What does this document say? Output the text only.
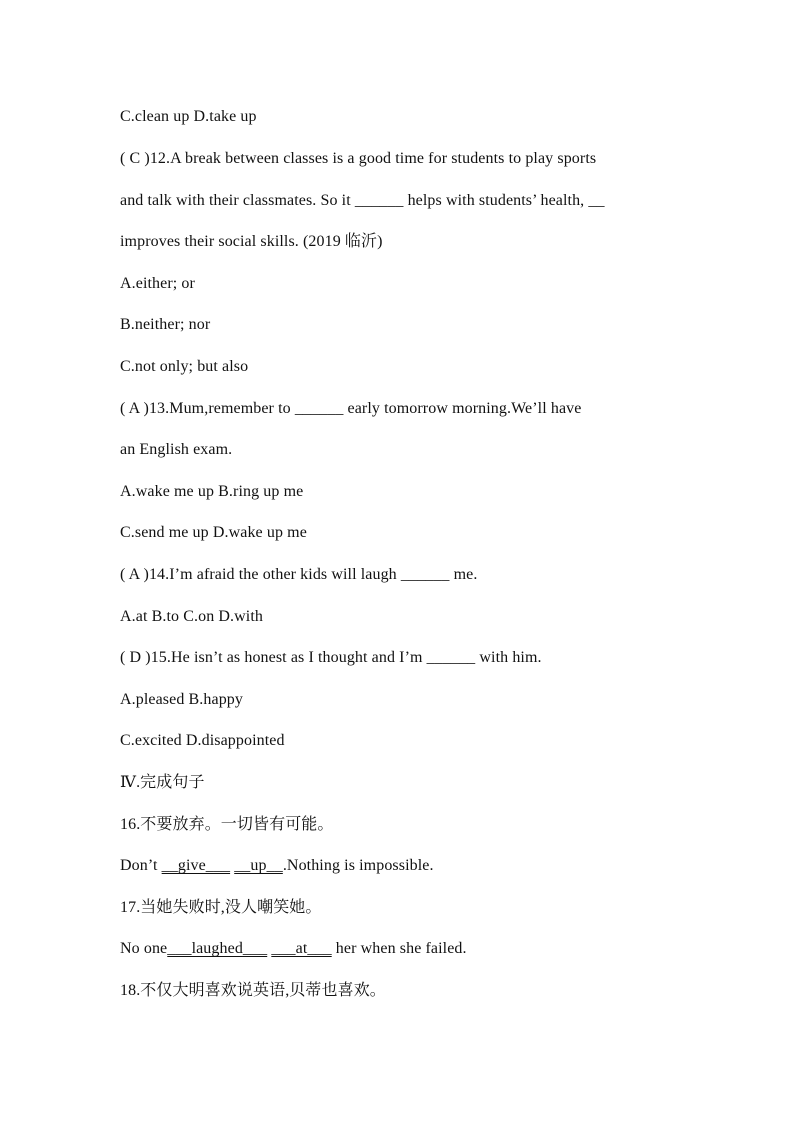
C.clean up D.take up
( C )12.A break between classes is a good time for students to play sports
and talk with their classmates. So it ______ helps with students’ health, __
improves their social skills. (2019 临沂)
A.either; or
B.neither; nor
C.not only; but also
( A )13.Mum,remember to ______ early tomorrow morning.We’ll have
an English exam.
A.wake me up B.ring up me
C.send me up D.wake up me
( A )14.I’m afraid the other kids will laugh ______ me.
A.at B.to C.on D.with
( D )15.He isn’t as honest as I thought and I’m ______ with him.
A.pleased B.happy
C.excited D.disappointed
Ⅳ.完成句子
16.不要放弃。一切皆有可能。
Don’t __give___ __up__.Nothing is impossible.
17.当她失败时,没人嘲笑她。
No one___laughed___ ___at___ her when she failed.
18.不仅大明喜欢说英语,贝蒂也喜欢。
